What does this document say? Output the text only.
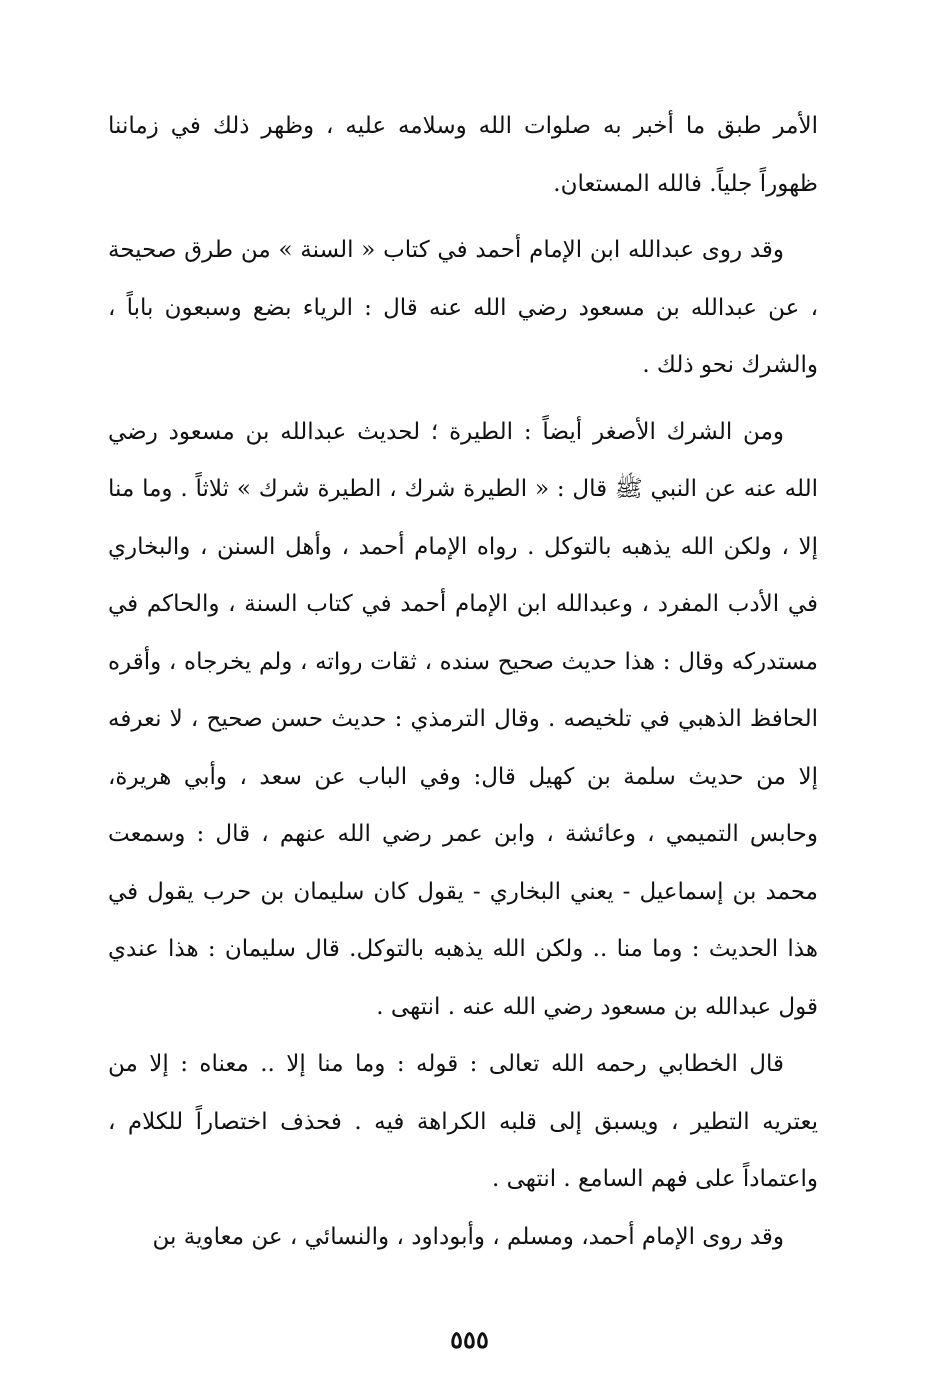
الأمر طبق ما أخبر به صلوات الله وسلامه عليه ، وظهر ذلك في زماننا ظهوراً جلياً. فالله المستعان.

وقد روى عبدالله ابن الإمام أحمد في كتاب « السنة » من طرق صحيحة ، عن عبدالله بن مسعود رضي الله عنه قال : الرياء بضع وسبعون باباً ، والشرك نحو ذلك .

ومن الشرك الأصغر أيضاً : الطيرة ؛ لحديث عبدالله بن مسعود رضي الله عنه عن النبي ﷺ قال : « الطيرة شرك ، الطيرة شرك » ثلاثاً . وما منا إلا ، ولكن الله يذهبه بالتوكل . رواه الإمام أحمد ، وأهل السنن ، والبخاري في الأدب المفرد ، وعبدالله ابن الإمام أحمد في كتاب السنة ، والحاكم في مستدركه وقال : هذا حديث صحيح سنده ، ثقات رواته ، ولم يخرجاه ، وأقره الحافظ الذهبي في تلخيصه . وقال الترمذي : حديث حسن صحيح ، لا نعرفه إلا من حديث سلمة بن كهيل قال: وفي الباب عن سعد ، وأبي هريرة، وحابس التميمي ، وعائشة ، وابن عمر رضي الله عنهم ، قال : وسمعت محمد بن إسماعيل - يعني البخاري - يقول كان سليمان بن حرب يقول في هذا الحديث : وما منا .. ولكن الله يذهبه بالتوكل. قال سليمان : هذا عندي قول عبدالله بن مسعود رضي الله عنه . انتهى .

قال الخطابي رحمه الله تعالى : قوله : وما منا إلا .. معناه : إلا من يعتريه التطير ، ويسبق إلى قلبه الكراهة فيه . فحذف اختصاراً للكلام ، واعتماداً على فهم السامع . انتهى .

وقد روى الإمام أحمد، ومسلم ، وأبوداود ، والنسائي ، عن معاوية بن

٥٥٥
